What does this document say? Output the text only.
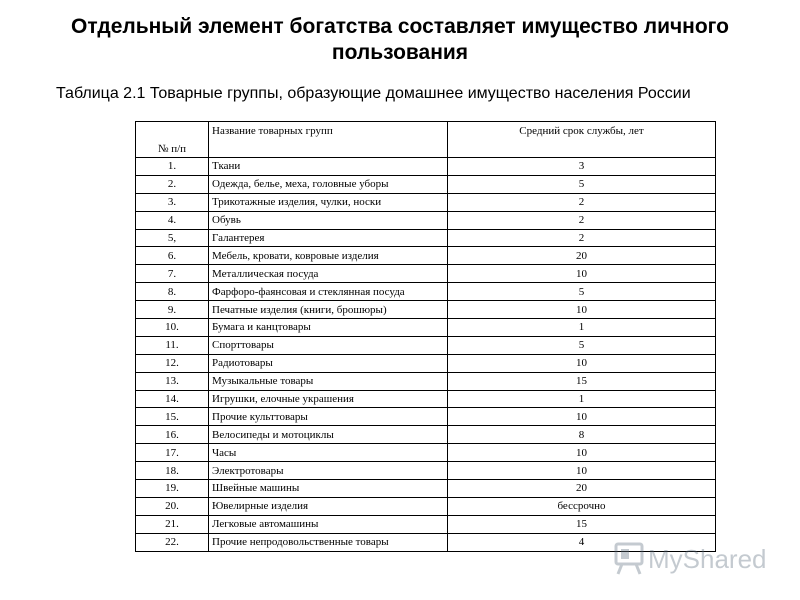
Отдельный элемент богатства составляет имущество личного
пользования
Таблица 2.1 Товарные группы, образующие домашнее имущество населения России
№ п/п	Название товарных групп	Средний срок службы, лет
1.	Ткани	3
2.	Одежда, белье, меха, головные уборы	5
3.	Трикотажные изделия, чулки, носки	2
4.	Обувь	2
5,	Галантерея	2
6.	Мебель, кровати, ковровые изделия	20
7.	Металлическая посуда	10
8.	Фарфоро-фаянсовая и стеклянная посуда	5
9.	Печатные изделия (книги, брошюры)	10
10.	Бумага и канцтовары	1
11.	Спорттовары	5
12.	Радиотовары	10
13.	Музыкальные товары	15
14.	Игрушки, елочные украшения	1
15.	Прочие культтовары	10
16.	Велосипеды и мотоциклы	8
17.	Часы	10
18.	Электротовары	10
19.	Швейные машины	20
20.	Ювелирные изделия	бессрочно
21.	Легковые автомашины	15
22.	Прочие непродовольственные товары	4
MyShared
